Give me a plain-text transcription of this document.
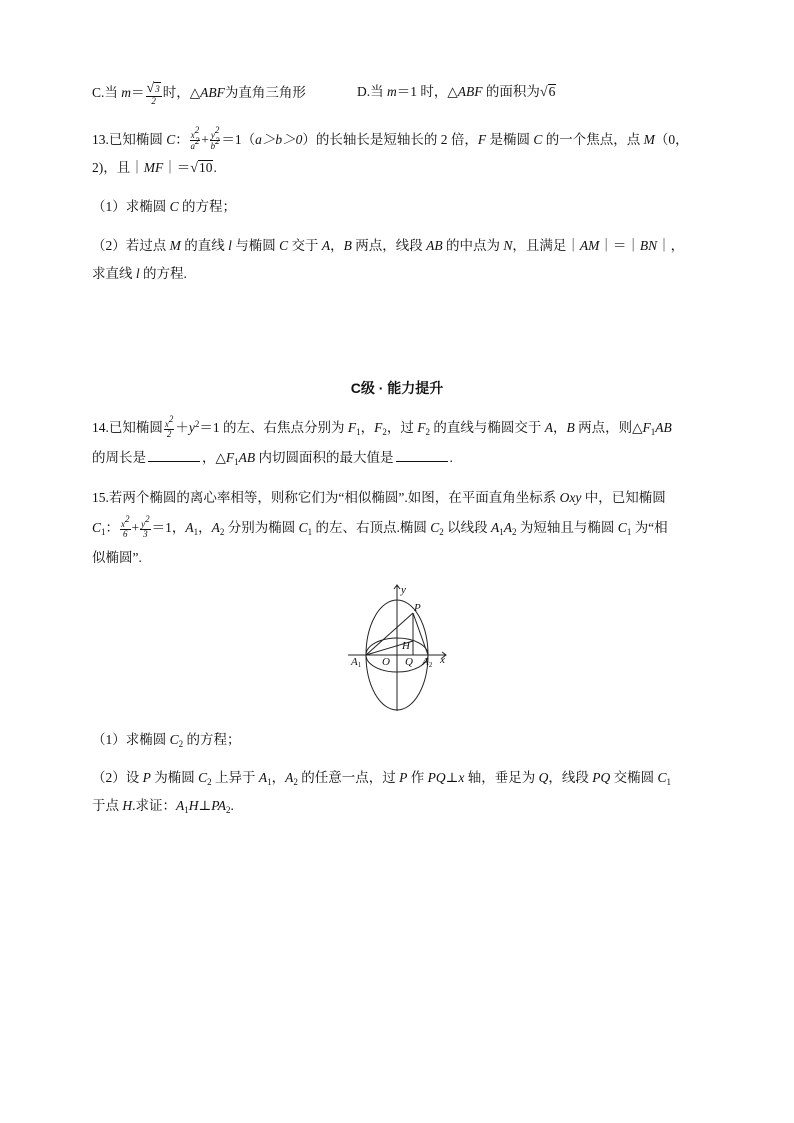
C.当 $m= \frac{√3}{2}$ 时，△ABF为直角三角形	D.当 m＝1 时，△ABF 的面积为√6
13.已知椭圆 C： $\frac{x^2}{a^2} + \frac{y^2}{b^2} =1(a>b>0)$的长轴长是短轴长的 2 倍，F 是椭圆 C 的一个焦点，点 M（0，
2)，且｜MF｜＝√10.
（1）求椭圆 C 的方程；
（2）若过点 M 的直线 l 与椭圆 C 交于 A，B 两点，线段 AB 的中点为 N，且满足｜AM｜＝｜BN｜，
求直线 l 的方程.
C级 · 能力提升
14.已知椭圆 $\frac{x^2}{2} +y^2=1$ 的左、右焦点分别为 $F_1$，$F_2$，过 $F_2$ 的直线与椭圆交于 A，B 两点，则$\triangle F_1AB$
的周长是	，$\triangle F_1AB$ 内切圆面积的最大值是	.
15.若两个椭圆的离心率相等，则称它们为“相似椭圆”.如图，在平面直角坐标系 Oxy 中，已知椭圆
$C_1$： $\frac{x^2}{6} + \frac{y^2}{3} =1$，$A_1$，$A_2$ 分别为椭圆 $C_1$ 的左、右顶点.椭圆 $C_2$ 以线段 $A_1A_2$ 为短轴且与椭圆 $C_1$ 为“相
似椭圆”.
y
x
P
H
O Q
A1	A2
（1）求椭圆 $C_2$ 的方程；
（2）设 P 为椭圆 $C_2$ 上异于 $A_1$，$A_2$ 的任意一点，过 P 作 PQ⊥x 轴，垂足为 Q，线段 PQ 交椭圆 $C_1$
于点 H.求证：$A_1H\perp PA_2$.
